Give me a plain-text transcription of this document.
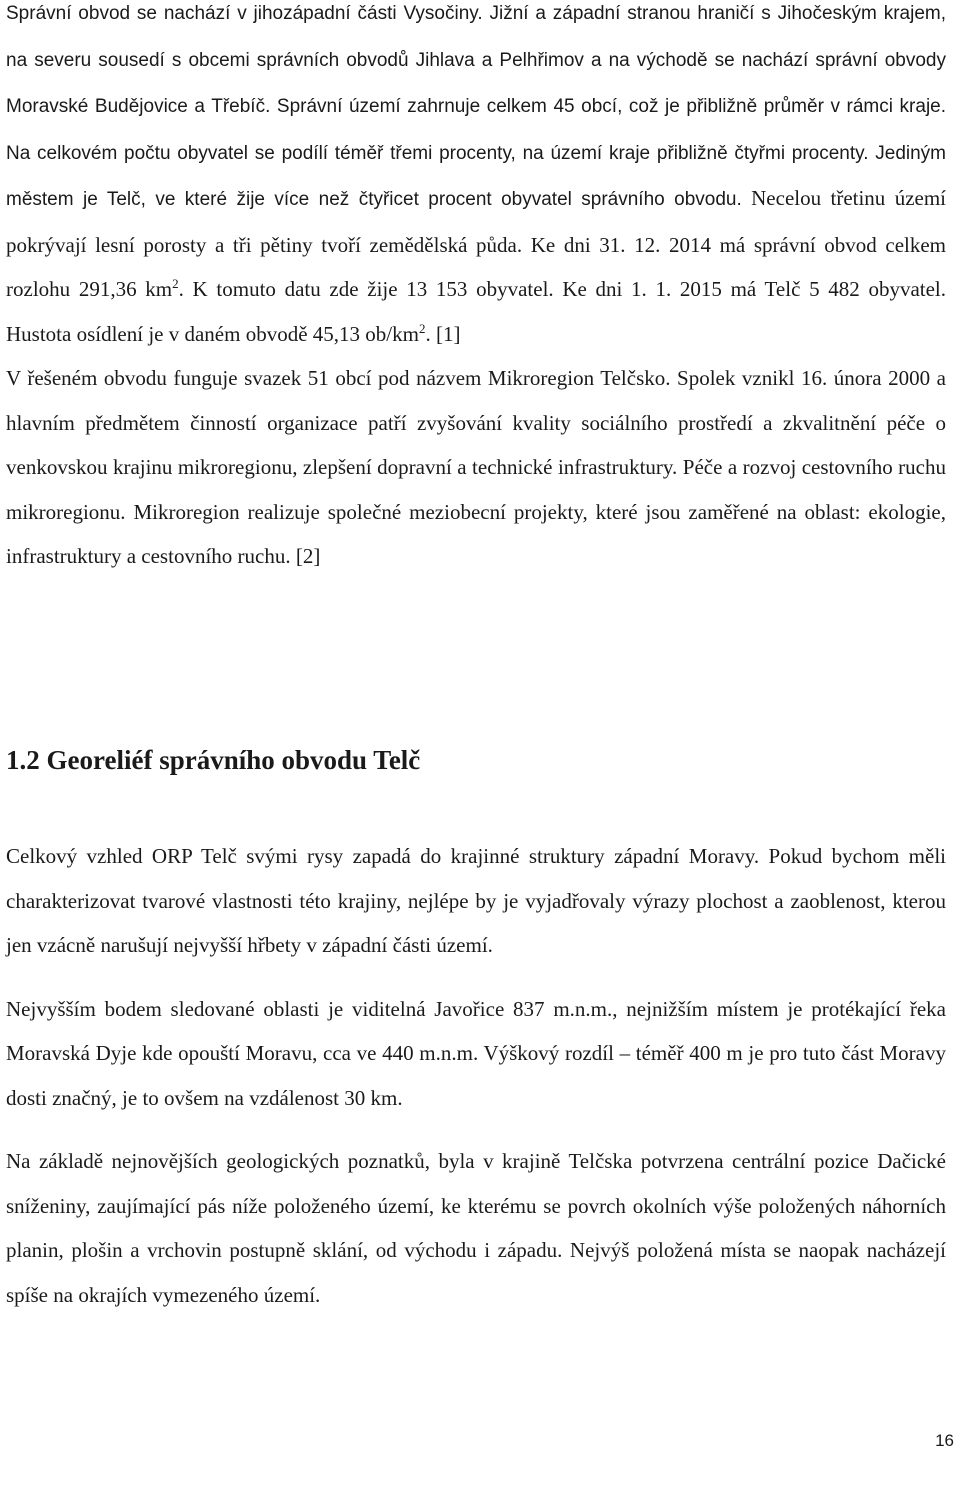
Správní obvod se nachází v jihozápadní části Vysočiny. Jižní a západní stranou hraničí s Jihočeským krajem, na severu sousedí s obcemi správních obvodů Jihlava a Pelhřimov a na východě se nachází správní obvody Moravské Budějovice a Třebíč. Správní území zahrnuje celkem 45 obcí, což je přibližně průměr v rámci kraje. Na celkovém počtu obyvatel se podílí téměř třemi procenty, na území kraje přibližně čtyřmi procenty. Jediným městem je Telč, ve které žije více než čtyřicet procent obyvatel správního obvodu. Necelou třetinu území pokrývají lesní porosty a tři pětiny tvoří zemědělská půda. Ke dni 31. 12. 2014 má správní obvod celkem rozlohu 291,36 $km^2$. K tomuto datu zde žije 13 153 obyvatel. Ke dni 1. 1. 2015 má Telč 5 482 obyvatel. Hustota osídlení je v daném obvodě 45,13 $ob/km^2$. [1]

V řešeném obvodu funguje svazek 51 obcí pod názvem Mikroregion Telčsko. Spolek vznikl 16. února 2000 a hlavním předmětem činností organizace patří zvyšování kvality sociálního prostředí a zkvalitnění péče o venkovskou krajinu mikroregionu, zlepšení dopravní a technické infrastruktury. Péče a rozvoj cestovního ruchu mikroregionu. Mikroregion realizuje společné meziobecní projekty, které jsou zaměřené na oblast: ekologie, infrastruktury a cestovního ruchu. [2]

1.2 Georeliéf správního obvodu Telč

Celkový vzhled ORP Telč svými rysy zapadá do krajinné struktury západní Moravy. Pokud bychom měli charakterizovat tvarové vlastnosti této krajiny, nejlépe by je vyjadřovaly výrazy plochost a zaoblenost, kterou jen vzácně narušují nejvyšší hřbety v západní části území.

Nejvyšším bodem sledované oblasti je viditelná Javořice 837 m.n.m., nejnižším místem je protékající řeka Moravská Dyje kde opouští Moravu, cca ve 440 m.n.m. Výškový rozdíl – téměř 400 m je pro tuto část Moravy dosti značný, je to ovšem na vzdálenost 30 km.

Na základě nejnovějších geologických poznatků, byla v krajině Telčska potvrzena centrální pozice Dačické sníženiny, zaujímající pás níže položeného území, ke kterému se povrch okolních výše položených náhorních planin, plošin a vrchovin postupně sklání, od východu i západu. Nejvýš položená místa se naopak nacházejí spíše na okrajích vymezeného území.

16
